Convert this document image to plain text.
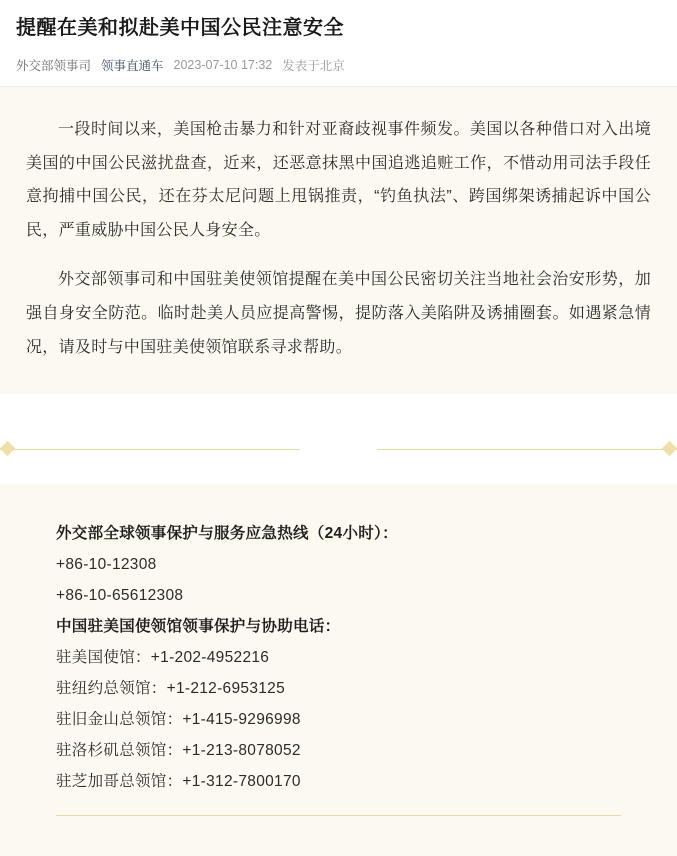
提醒在美和拟赴美中国公民注意安全
外交部领事司 领事直通车 2023-07-10 17:32 发表于北京

一段时间以来，美国枪击暴力和针对亚裔歧视事件频发。美国以各种借口对入出境美国的中国公民滋扰盘查，近来，还恶意抹黑中国追逃追赃工作，不惜动用司法手段任意拘捕中国公民，还在芬太尼问题上甩锅推责，“钓鱼执法”、跨国绑架诱捕起诉中国公民，严重威胁中国公民人身安全。

外交部领事司和中国驻美使领馆提醒在美中国公民密切关注当地社会治安形势，加强自身安全防范。临时赴美人员应提高警惕，提防落入美陷阱及诱捕圈套。如遇紧急情况，请及时与中国驻美使领馆联系寻求帮助。

外交部全球领事保护与服务应急热线（24小时）：
+86-10-12308
+86-10-65612308
中国驻美国使领馆领事保护与协助电话：
驻美国使馆：+1-202-4952216
驻纽约总领馆：+1-212-6953125
驻旧金山总领馆：+1-415-9296998
驻洛杉矶总领馆：+1-213-8078052
驻芝加哥总领馆：+1-312-7800170
